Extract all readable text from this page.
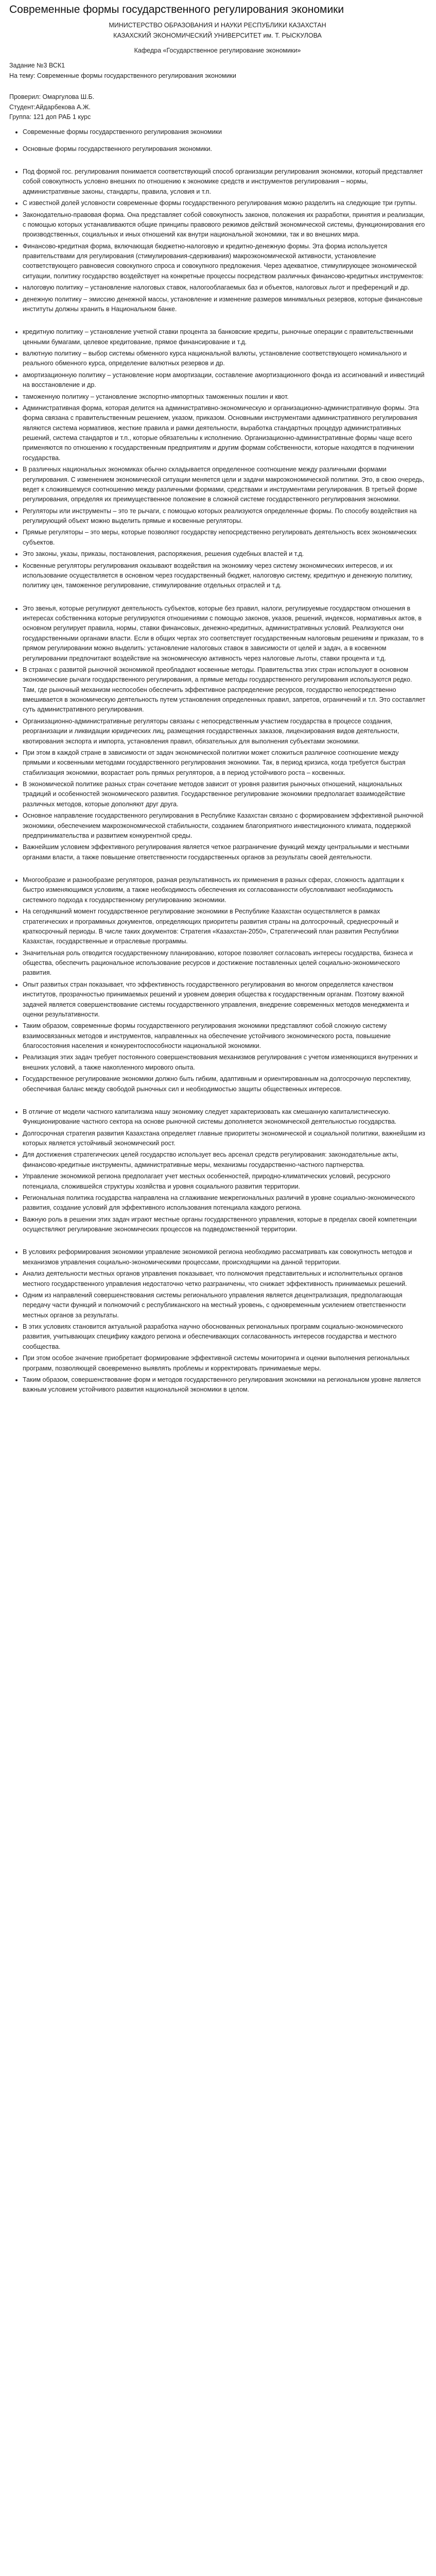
Современные формы государственного регулирования экономики

МИНИСТЕРСТВО ОБРАЗОВАНИЯ И НАУКИ РЕСПУБЛИКИ КАЗАХСТАН

КАЗАХСКИЙ ЭКОНОМИЧЕСКИЙ УНИВЕРСИТЕТ им. Т. РЫСКУЛОВА

Кафедра «Государственное регулирование экономики»

Задание №3 ВСК1

На тему: Современные формы государственного регулирования экономики

Проверил: Омаргулова Ш.Б.

Студент:Айдарбекова А.Ж.

Группа: 121 доп РАБ 1 курс

• Современные формы государственного регулирования экономики
• Основные формы государственного регулирования экономики.
• Под формой гос. регулирования понимается соответствующий способ организации регулирования экономики, который представляет собой совокупность условно внешних по отношению к экономике средств и инструментов регулирования – нормы, административные законы, стандарты, правила, условия и т.п.
• С известной долей условности современные формы государственного регулирования можно разделить на следующие три группы.
• Законодательно-правовая форма. Она представляет собой совокупность законов, положения их разработки, принятия и реализации, с помощью которых устанавливаются общие принципы правового режимов действий экономической системы, функционирования его производственных, социальных и иных отношений как внутри национальной экономики, так и во внешних мира.
• Финансово-кредитная форма, включающая бюджетно-налоговую и кредитно-денежную формы. Эта форма используется правительствами для регулирования (стимулирования-сдерживания) макроэкономической активности, установление соответствующего равновесия совокупного спроса и совокупного предложения. Через адекватное, стимулирующее экономической ситуации, политику государство воздействует на конкретные процессы посредством различных финансово-кредитных инструментов:
• налоговую политику – установление налоговых ставок, налогооблагаемых баз и объектов, налоговых льгот и преференций и др.
• денежную политику – эмиссию денежной массы, установление и изменение размеров минимальных резервов, которые финансовые институты должны хранить в Национальном банке.
• кредитную политику – установление учетной ставки процента за банковские кредиты, рыночные операции с правительственными ценными бумагами, целевое кредитование, прямое финансирование и т.д.
• валютную политику – выбор системы обменного курса национальной валюты, установление соответствующего номинального и реального обменного курса, определение валютных резервов и др.
• амортизационную политику – установление норм амортизации, составление амортизационного фонда из ассигнований и инвестиций на восстановление и др.
• таможенную политику – установление экспортно-импортных таможенных пошлин и квот.
• Административная форма, которая делится на административно-экономическую и организационно-административную формы. Эта форма связана с правительственным решением, указом, приказом. Основными инструментами административного регулирования являются система нормативов, жесткие правила и рамки деятельности, выработка стандартных процедур административных решений, система стандартов и т.п., которые обязательны к исполнению. Организационно-административные формы чаще всего применяются по отношению к государственным предприятиям и другим формам собственности, которые находятся в подчинении государства.
• В различных национальных экономиках обычно складывается определенное соотношение между различными формами регулирования. С изменением экономической ситуации меняется цели и задачи макроэкономической политики. Это, в свою очередь, ведет к сложившемуся соотношению между различными формами, средствами и инструментами регулирования. В третьей форме регулирования, определяя их преимущественное положение в сложной системе государственного регулирования экономики.
• Регуляторы или инструменты – это те рычаги, с помощью которых реализуются определенные формы. По способу воздействия на регулирующий объект можно выделить прямые и косвенные регуляторы.
• Прямые регуляторы – это меры, которые позволяют государству непосредственно регулировать деятельность всех экономических субъектов.
• Это законы, указы, приказы, постановления, распоряжения, решения судебных властей и т.д.
• Косвенные регуляторы регулирования оказывают воздействия на экономику через систему экономических интересов, и их использование осуществляется в основном через государственный бюджет, налоговую систему, кредитную и денежную политику, политику цен, таможенное регулирование, стимулирование отдельных отраслей и т.д.
• Это звенья, которые регулируют деятельность субъектов, которые без правил, налоги, регулируемые государством отношения в интересах собственника которые регулируются отношениями с помощью законов, указов, решений, индексов, нормативных актов, в основном регулирует правила, нормы, ставки финансовых, денежно-кредитных, административных условий. Реализуются они государственными органами власти. Если в общих чертах это соответствует государственным налоговым решениям и приказам, то в прямом регулировании можно выделить: установление налоговых ставок в зависимости от целей и задач, а в косвенном регулировании предпочитают воздействие на экономическую активность через налоговые льготы, ставки процента и т.д.
• В странах с развитой рыночной экономикой преобладают косвенные методы. Правительства этих стран используют в основном экономические рычаги государственного регулирования, а прямые методы государственного регулирования используются редко. Там, где рыночный механизм неспособен обеспечить эффективное распределение ресурсов, государство непосредственно вмешивается в экономическую деятельность путем установления определенных правил, запретов, ограничений и т.п. Это составляет суть административного регулирования.
• Организационно-административные регуляторы связаны с непосредственным участием государства в процессе создания, реорганизации и ликвидации юридических лиц, размещения государственных заказов, лицензирования видов деятельности, квотирования экспорта и импорта, установления правил, обязательных для выполнения субъектами экономики.
• При этом в каждой стране в зависимости от задач экономической политики может сложиться различное соотношение между прямыми и косвенными методами государственного регулирования экономики. Так, в период кризиса, когда требуется быстрая стабилизация экономики, возрастает роль прямых регуляторов, а в период устойчивого роста – косвенных.
• В экономической политике разных стран сочетание методов зависит от уровня развития рыночных отношений, национальных традиций и особенностей экономического развития. Государственное регулирование экономики предполагает взаимодействие различных методов, которые дополняют друг друга.
• Основное направление государственного регулирования в Республике Казахстан связано с формированием эффективной рыночной экономики, обеспечением макроэкономической стабильности, созданием благоприятного инвестиционного климата, поддержкой предпринимательства и развитием конкурентной среды.
• Важнейшим условием эффективного регулирования является четкое разграничение функций между центральными и местными органами власти, а также повышение ответственности государственных органов за результаты своей деятельности.
• Многообразие и разнообразие регуляторов, разная результативность их применения в разных сферах, сложность адаптации к быстро изменяющимся условиям, а также необходимость обеспечения их согласованности обусловливают необходимость системного подхода к государственному регулированию экономики.
• На сегодняшний момент государственное регулирование экономики в Республике Казахстан осуществляется в рамках стратегических и программных документов, определяющих приоритеты развития страны на долгосрочный, среднесрочный и краткосрочный периоды. В числе таких документов: Стратегия «Казахстан-2050», Стратегический план развития Республики Казахстан, государственные и отраслевые программы.
• Значительная роль отводится государственному планированию, которое позволяет согласовать интересы государства, бизнеса и общества, обеспечить рациональное использование ресурсов и достижение поставленных целей социально-экономического развития.
• Опыт развитых стран показывает, что эффективность государственного регулирования во многом определяется качеством институтов, прозрачностью принимаемых решений и уровнем доверия общества к государственным органам. Поэтому важной задачей является совершенствование системы государственного управления, внедрение современных методов менеджмента и оценки результативности.
• Таким образом, современные формы государственного регулирования экономики представляют собой сложную систему взаимосвязанных методов и инструментов, направленных на обеспечение устойчивого экономического роста, повышение благосостояния населения и конкурентоспособности национальной экономики.
• Реализация этих задач требует постоянного совершенствования механизмов регулирования с учетом изменяющихся внутренних и внешних условий, а также накопленного мирового опыта.
• Государственное регулирование экономики должно быть гибким, адаптивным и ориентированным на долгосрочную перспективу, обеспечивая баланс между свободой рыночных сил и необходимостью защиты общественных интересов.
• В отличие от модели частного капитализма нашу экономику следует характеризовать как смешанную капиталистическую. Функционирование частного сектора на основе рыночной системы дополняется экономической деятельностью государства.
• Долгосрочная стратегия развития Казахстана определяет главные приоритеты экономической и социальной политики, важнейшим из которых является устойчивый экономический рост.
• Для достижения стратегических целей государство использует весь арсенал средств регулирования: законодательные акты, финансово-кредитные инструменты, административные меры, механизмы государственно-частного партнерства.
• Управление экономикой региона предполагает учет местных особенностей, природно-климатических условий, ресурсного потенциала, сложившейся структуры хозяйства и уровня социального развития территории.
• Региональная политика государства направлена на сглаживание межрегиональных различий в уровне социально-экономического развития, создание условий для эффективного использования потенциала каждого региона.
• Важную роль в решении этих задач играют местные органы государственного управления, которые в пределах своей компетенции осуществляют регулирование экономических процессов на подведомственной территории.
• В условиях реформирования экономики управление экономикой региона необходимо рассматривать как совокупность методов и механизмов управления социально-экономическими процессами, происходящими на данной территории.
• Анализ деятельности местных органов управления показывает, что полномочия представительных и исполнительных органов местного государственного управления недостаточно четко разграничены, что снижает эффективность принимаемых решений.
• Одним из направлений совершенствования системы регионального управления является децентрализация, предполагающая передачу части функций и полномочий с республиканского на местный уровень, с одновременным усилением ответственности местных органов за результаты.
• В этих условиях становится актуальной разработка научно обоснованных региональных программ социально-экономического развития, учитывающих специфику каждого региона и обеспечивающих согласованность интересов государства и местного сообщества.
• При этом особое значение приобретает формирование эффективной системы мониторинга и оценки выполнения региональных программ, позволяющей своевременно выявлять проблемы и корректировать принимаемые меры.
• Таким образом, совершенствование форм и методов государственного регулирования экономики на региональном уровне является важным условием устойчивого развития национальной экономики в целом.
